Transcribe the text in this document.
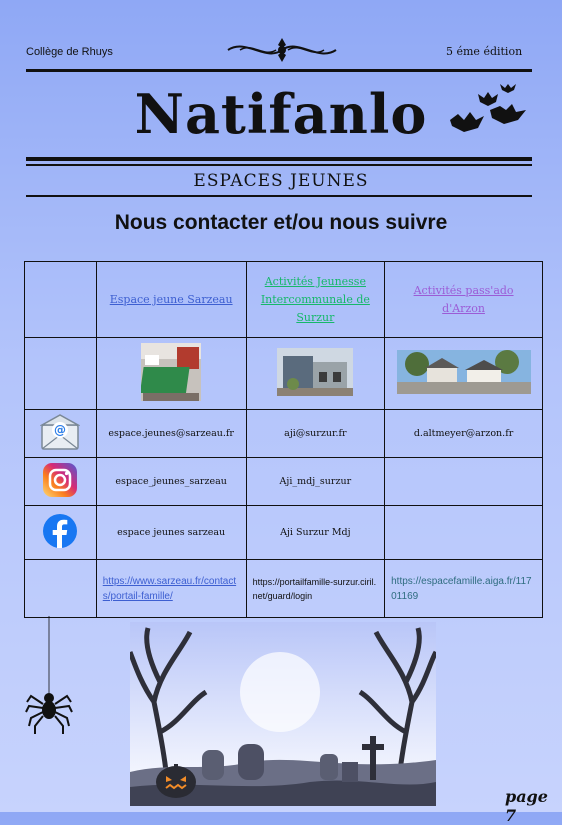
Collège de Rhuys	5 éme édition
Natifanlo
ESPACES JEUNES
Nous contacter et/ou nous suivre
	Espace jeune Sarzeau	Activités Jeunesse Intercommunale de Surzur	Activités pass'ado d'Arzon

@	espace.jeunes@sarzeau.fr	aji@surzur.fr	d.altmeyer@arzon.fr
	espace_jeunes_sarzeau	Aji_mdj_surzur	
	espace jeunes sarzeau	Aji Surzur Mdj	
	https://www.sarzeau.fr/contacts/portail-famille/	https://portailfamille-surzur.ciril.net/guard/login	https://espacefamille.aiga.fr/11701169
page 7
